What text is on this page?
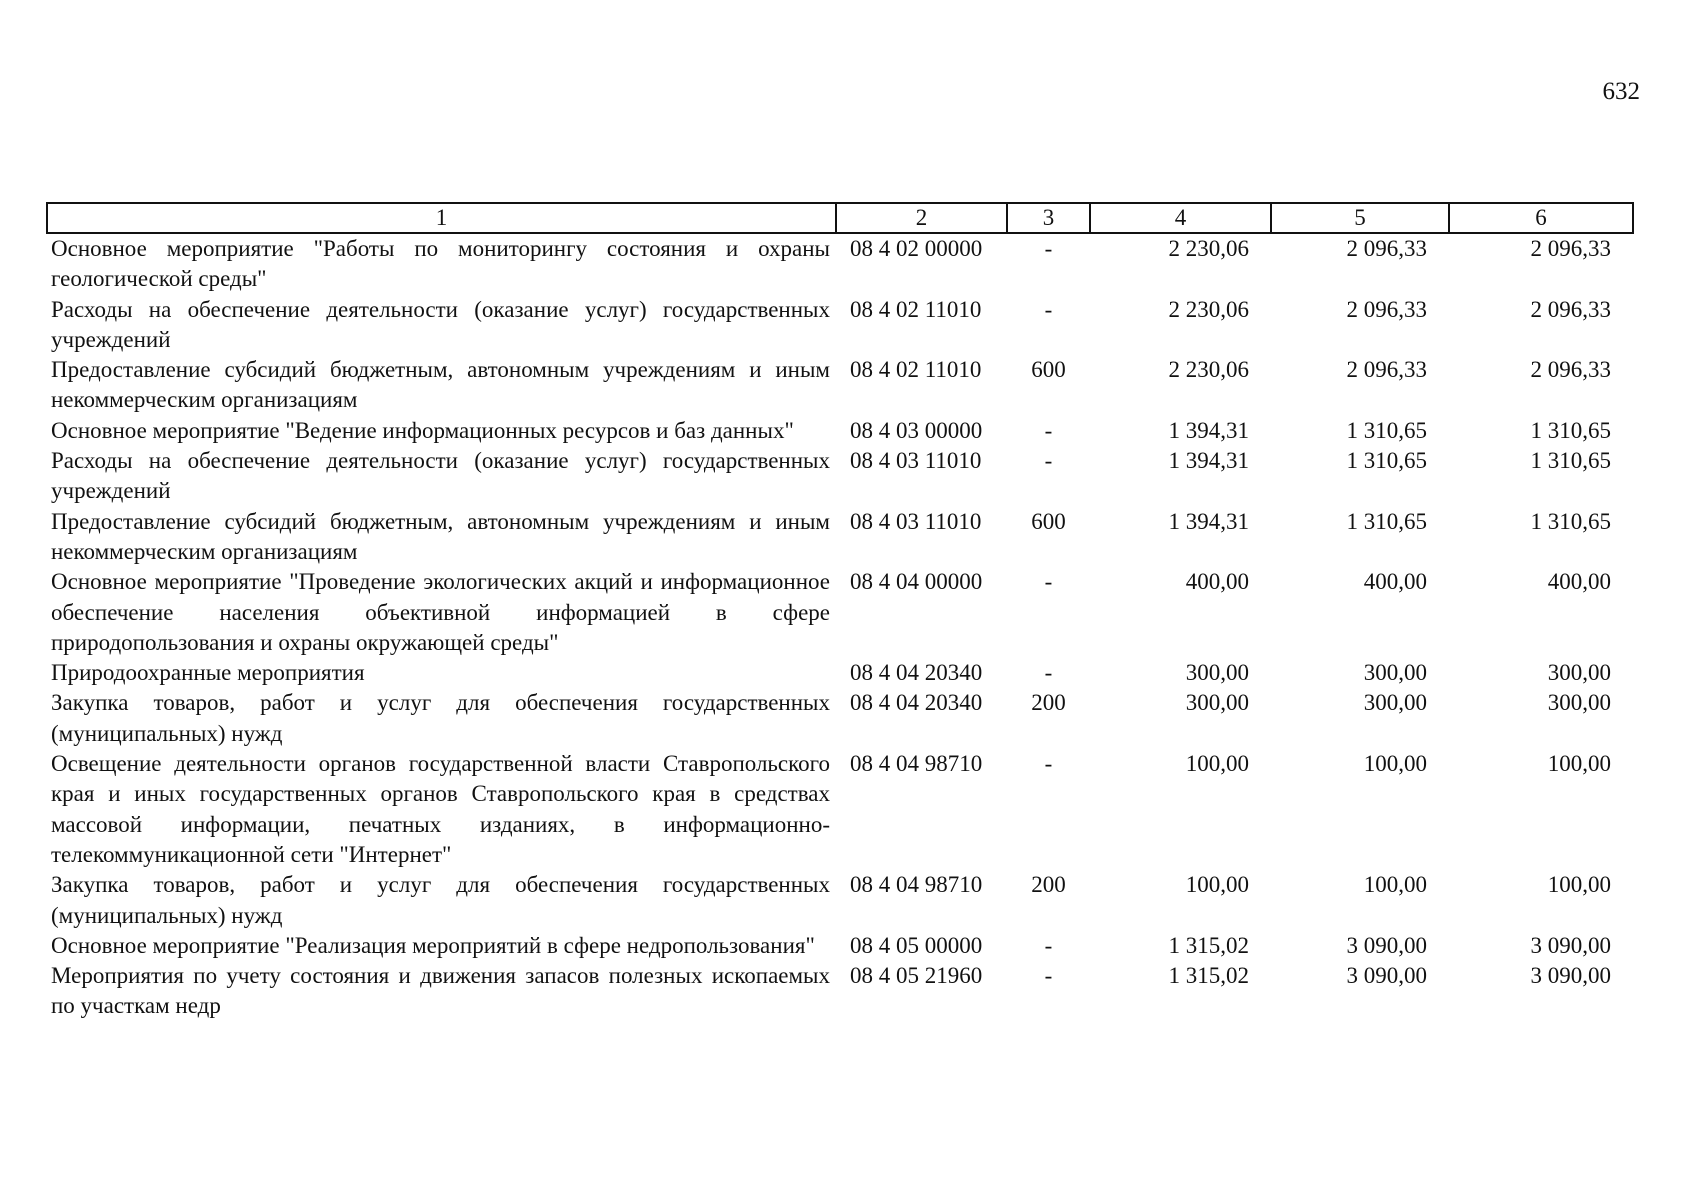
632
1	2	3	4	5	6
Основное мероприятие "Работы по мониторингу состояния и охраны геологической среды"	08 4 02 00000	-	2 230,06	2 096,33	2 096,33
Расходы на обеспечение деятельности (оказание услуг) государственных учреждений	08 4 02 11010	-	2 230,06	2 096,33	2 096,33
Предоставление субсидий бюджетным, автономным учреждениям и иным некоммерческим организациям	08 4 02 11010	600	2 230,06	2 096,33	2 096,33
Основное мероприятие "Ведение информационных ресурсов и баз данных"	08 4 03 00000	-	1 394,31	1 310,65	1 310,65
Расходы на обеспечение деятельности (оказание услуг) государственных учреждений	08 4 03 11010	-	1 394,31	1 310,65	1 310,65
Предоставление субсидий бюджетным, автономным учреждениям и иным некоммерческим организациям	08 4 03 11010	600	1 394,31	1 310,65	1 310,65
Основное мероприятие "Проведение экологических акций и информационное обеспечение населения объективной информацией в сфере природопользования и охраны окружающей среды"	08 4 04 00000	-	400,00	400,00	400,00
Природоохранные мероприятия	08 4 04 20340	-	300,00	300,00	300,00
Закупка товаров, работ и услуг для обеспечения государственных (муниципальных) нужд	08 4 04 20340	200	300,00	300,00	300,00
Освещение деятельности органов государственной власти Ставропольского края и иных государственных органов Ставропольского края в средствах массовой информации, печатных изданиях, в информационно-телекоммуникационной сети "Интернет"	08 4 04 98710	-	100,00	100,00	100,00
Закупка товаров, работ и услуг для обеспечения государственных (муниципальных) нужд	08 4 04 98710	200	100,00	100,00	100,00
Основное мероприятие "Реализация мероприятий в сфере недропользования"	08 4 05 00000	-	1 315,02	3 090,00	3 090,00
Мероприятия по учету состояния и движения запасов полезных ископаемых по участкам недр	08 4 05 21960	-	1 315,02	3 090,00	3 090,00
